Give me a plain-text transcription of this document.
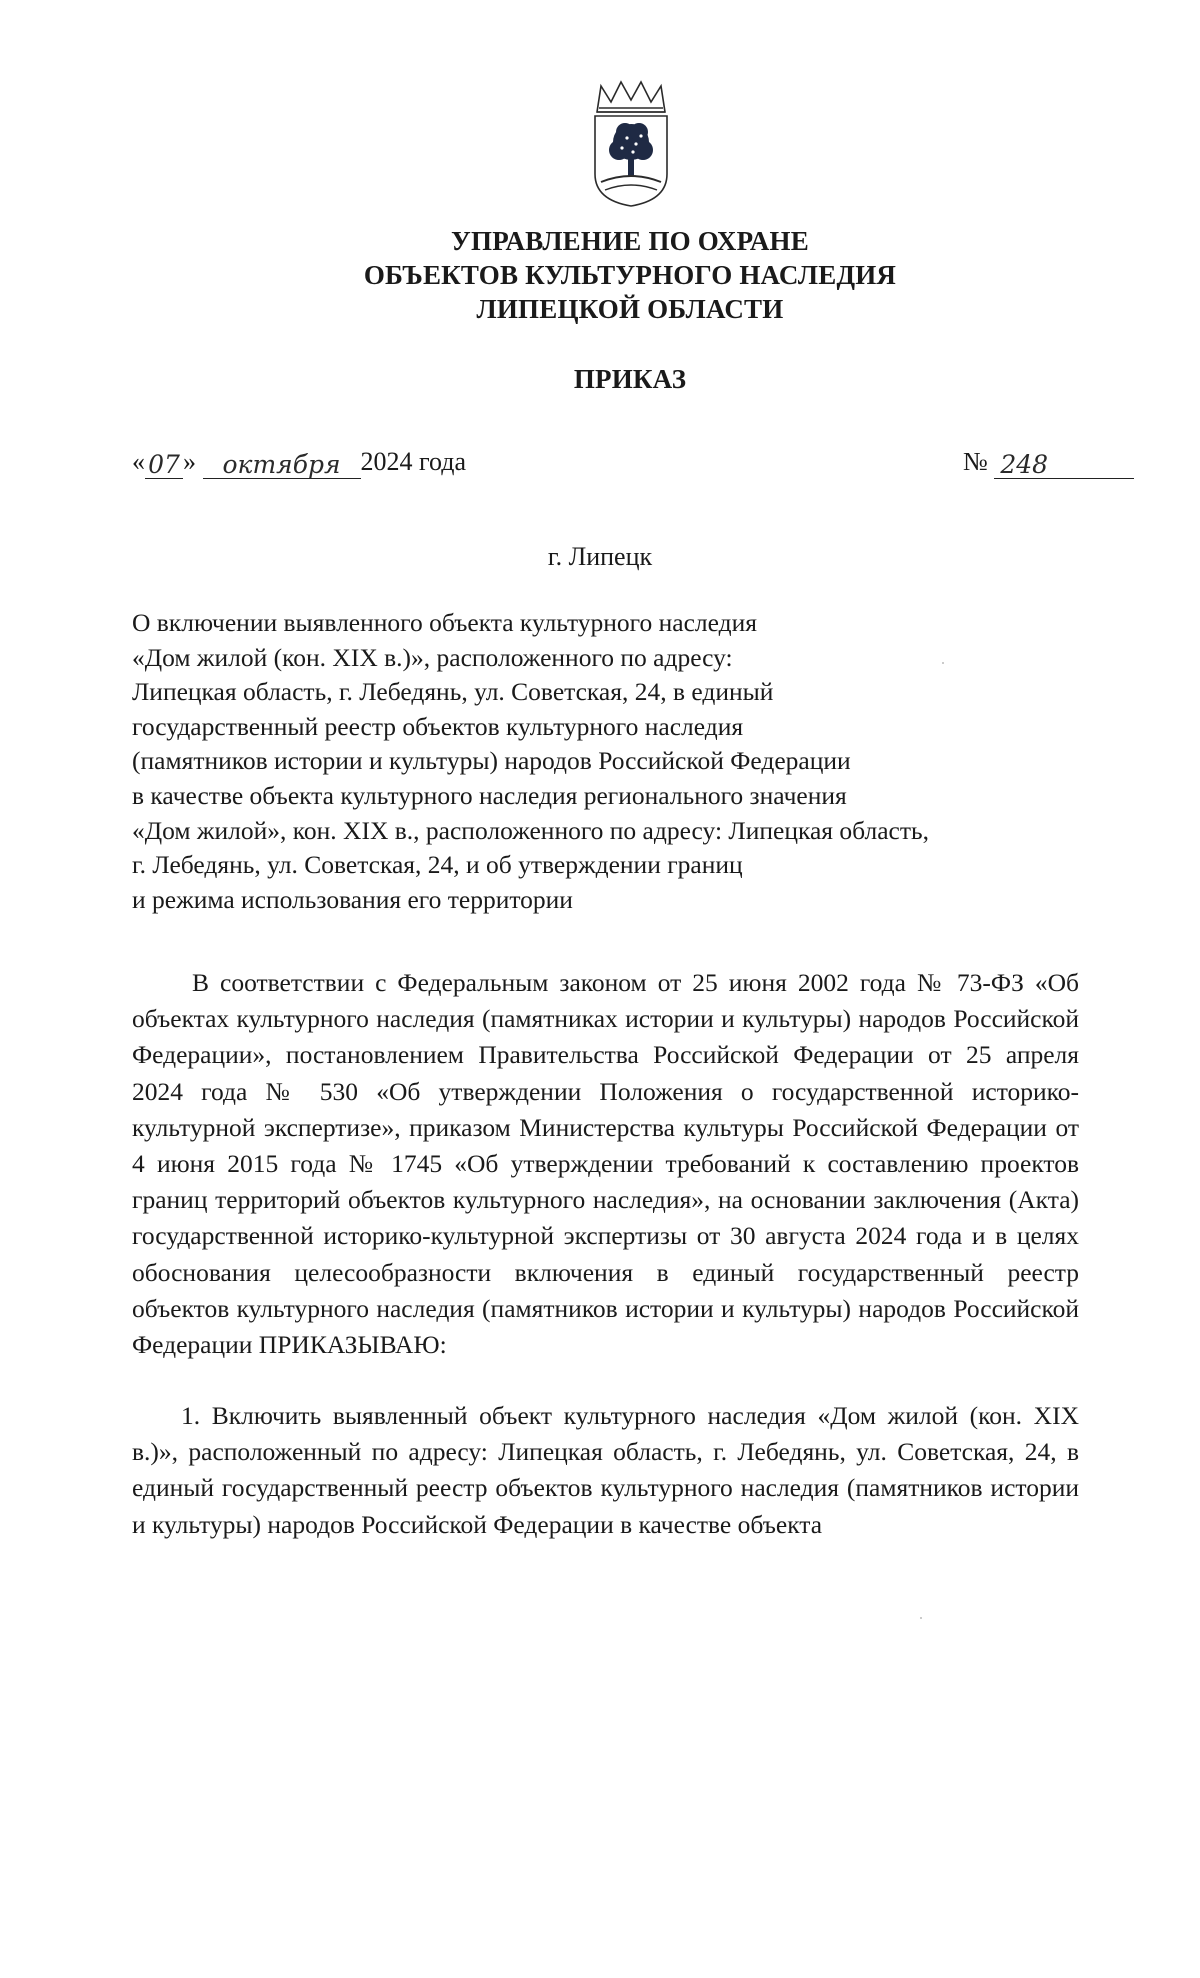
УПРАВЛЕНИЕ ПО ОХРАНЕ
ОБЪЕКТОВ КУЛЬТУРНОГО НАСЛЕДИЯ
ЛИПЕЦКОЙ ОБЛАСТИ
ПРИКАЗ
« 07 » октября 2024 года	№ 248
г. Липецк
О включении выявленного объекта культурного наследия
«Дом жилой (кон. XIX в.)», расположенного по адресу:
Липецкая область, г. Лебедянь, ул. Советская, 24, в единый
государственный реестр объектов культурного наследия
(памятников истории и культуры) народов Российской Федерации
в качестве объекта культурного наследия регионального значения
«Дом жилой», кон. XIX в., расположенного по адресу: Липецкая область,
г. Лебедянь, ул. Советская, 24, и об утверждении границ
и режима использования его территории
В соответствии с Федеральным законом от 25 июня 2002 года № 73-ФЗ «Об объектах культурного наследия (памятниках истории и культуры) народов Российской Федерации», постановлением Правительства Российской Федерации от 25 апреля 2024 года № 530 «Об утверждении Положения о государственной историко-культурной экспертизе», приказом Министерства культуры Российской Федерации от 4 июня 2015 года № 1745 «Об утверждении требований к составлению проектов границ территорий объектов культурного наследия», на основании заключения (Акта) государственной историко-культурной экспертизы от 30 августа 2024 года и в целях обоснования целесообразности включения в единый государственный реестр объектов культурного наследия (памятников истории и культуры) народов Российской Федерации ПРИКАЗЫВАЮ:
1. Включить выявленный объект культурного наследия «Дом жилой (кон. XIX в.)», расположенный по адресу: Липецкая область, г. Лебедянь, ул. Советская, 24, в единый государственный реестр объектов культурного наследия (памятников истории и культуры) народов Российской Федерации в качестве объекта
